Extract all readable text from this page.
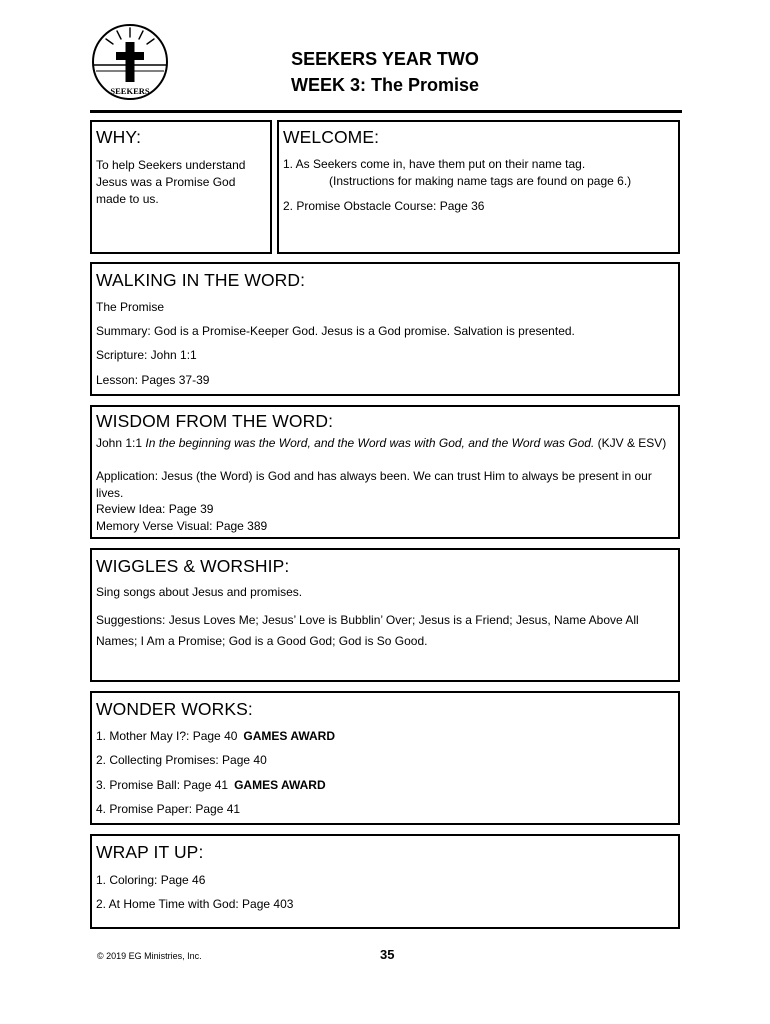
SEEKERS
SEEKERS YEAR TWO
WEEK 3: The Promise
WHY:
To help Seekers understand Jesus was a Promise God made to us.
WELCOME:
1. As Seekers come in, have them put on their name tag.
(Instructions for making name tags are found on page 6.)
2. Promise Obstacle Course: Page 36
WALKING IN THE WORD:
The Promise
Summary: God is a Promise-Keeper God. Jesus is a God promise. Salvation is presented.
Scripture: John 1:1
Lesson: Pages 37-39
WISDOM FROM THE WORD:
John 1:1 In the beginning was the Word, and the Word was with God, and the Word was God. (KJV & ESV)
Application: Jesus (the Word) is God and has always been. We can trust Him to always be present in our lives.
Review Idea: Page 39
Memory Verse Visual: Page 389
WIGGLES & WORSHIP:
Sing songs about Jesus and promises.
Suggestions: Jesus Loves Me; Jesus’ Love is Bubblin’ Over; Jesus is a Friend; Jesus, Name Above All Names; I Am a Promise; God is a Good God; God is So Good.
WONDER WORKS:
1. Mother May I?: Page 40 GAMES AWARD
2. Collecting Promises: Page 40
3. Promise Ball: Page 41 GAMES AWARD
4. Promise Paper: Page 41
WRAP IT UP:
1. Coloring: Page 46
2. At Home Time with God: Page 403
© 2019 EG Ministries, Inc.	35
